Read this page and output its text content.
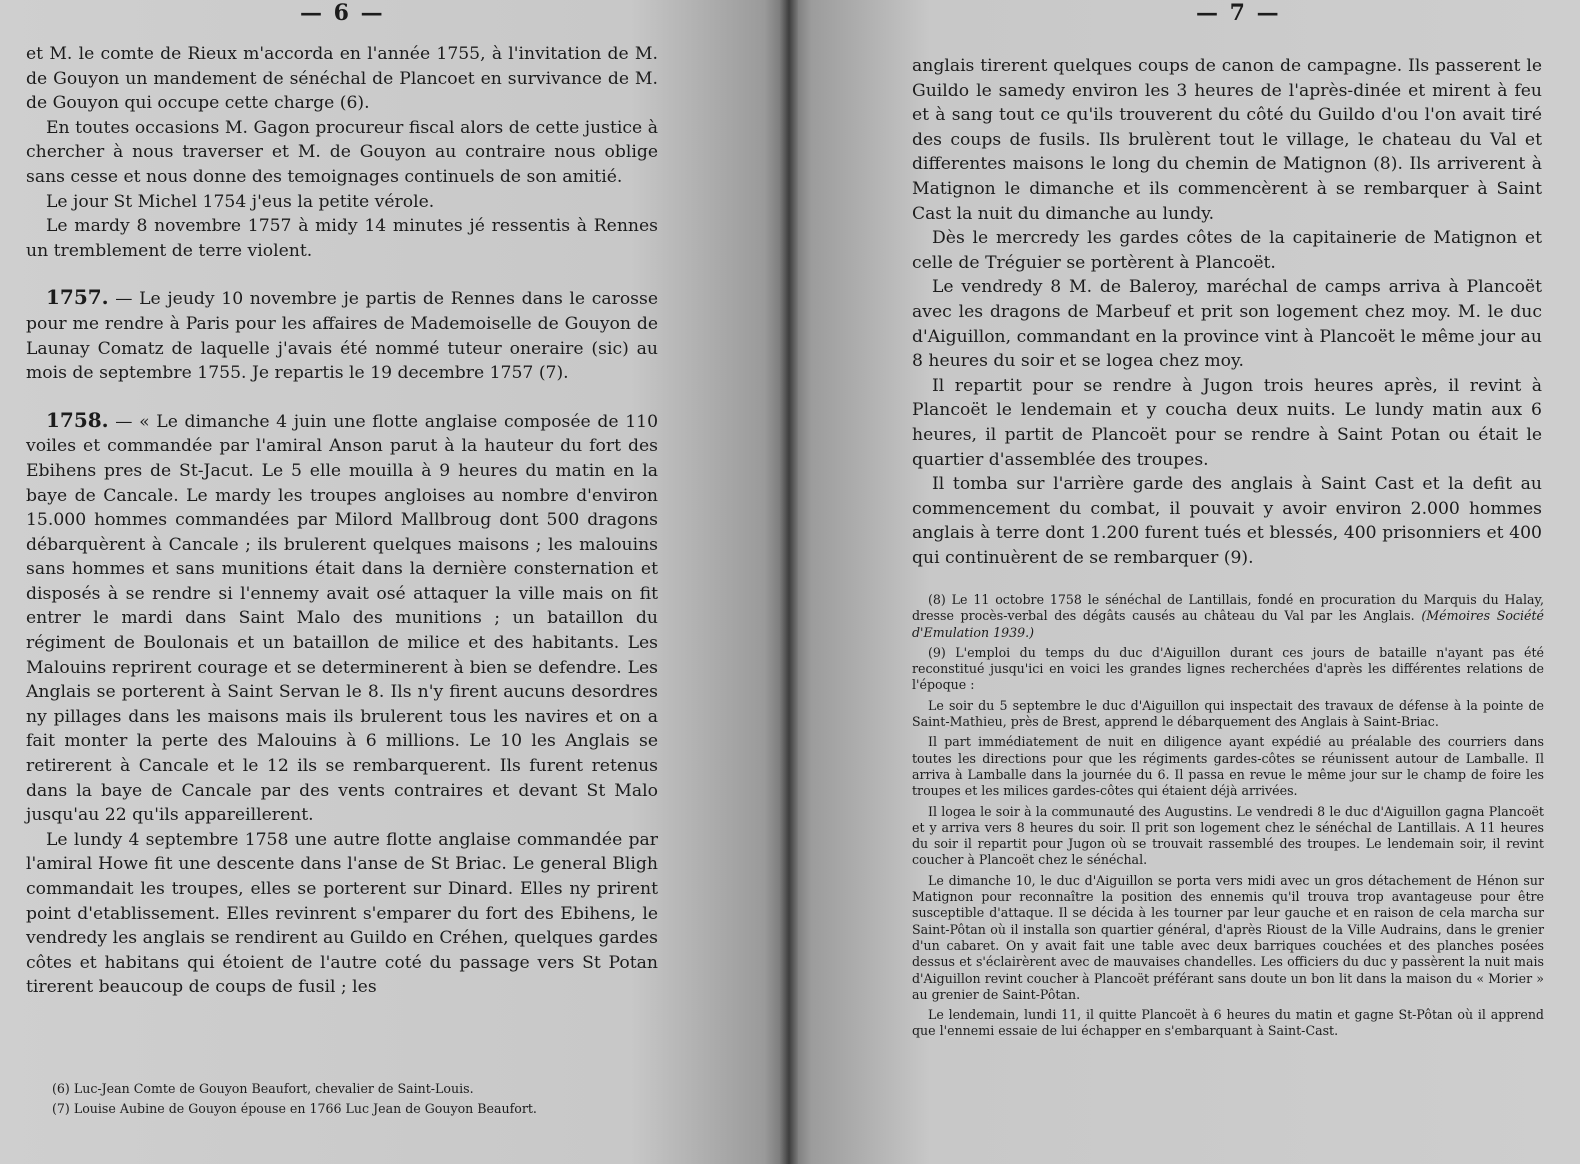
— 6 —

et M. le comte de Rieux m'accorda en l'année 1755, à l'invitation de M. de Gouyon un mandement de sénéchal de Plancoet en survivance de M. de Gouyon qui occupe cette charge (6).

En toutes occasions M. Gagon procureur fiscal alors de cette justice à chercher à nous traverser et M. de Gouyon au contraire nous oblige sans cesse et nous donne des temoignages continuels de son amitié.

Le jour St Michel 1754 j'eus la petite vérole.

Le mardy 8 novembre 1757 à midy 14 minutes jé ressentis à Rennes un tremblement de terre violent.

1757. — Le jeudy 10 novembre je partis de Rennes dans le carosse pour me rendre à Paris pour les affaires de Mademoiselle de Gouyon de Launay Comatz de laquelle j'avais été nommé tuteur oneraire (sic) au mois de septembre 1755. Je repartis le 19 decembre 1757 (7).

1758. — « Le dimanche 4 juin une flotte anglaise composée de 110 voiles et commandée par l'amiral Anson parut à la hauteur du fort des Ebihens pres de St-Jacut. Le 5 elle mouilla à 9 heures du matin en la baye de Cancale. Le mardy les troupes angloises au nombre d'environ 15.000 hommes commandées par Milord Mallbroug dont 500 dragons débarquèrent à Cancale ; ils brulerent quelques maisons ; les malouins sans hommes et sans munitions était dans la dernière consternation et disposés à se rendre si l'ennemy avait osé attaquer la ville mais on fit entrer le mardi dans Saint Malo des munitions ; un bataillon du régiment de Boulonais et un bataillon de milice et des habitants. Les Malouins reprirent courage et se determinerent à bien se defendre. Les Anglais se porterent à Saint Servan le 8. Ils n'y firent aucuns desordres ny pillages dans les maisons mais ils brulerent tous les navires et on a fait monter la perte des Malouins à 6 millions. Le 10 les Anglais se retirerent à Cancale et le 12 ils se rembarquerent. Ils furent retenus dans la baye de Cancale par des vents contraires et devant St Malo jusqu'au 22 qu'ils appareillerent.

Le lundy 4 septembre 1758 une autre flotte anglaise commandée par l'amiral Howe fit une descente dans l'anse de St Briac. Le general Bligh commandait les troupes, elles se porterent sur Dinard. Elles ny prirent point d'etablissement. Elles revinrent s'emparer du fort des Ebihens, le vendredy les anglais se rendirent au Guildo en Créhen, quelques gardes côtes et habitans qui étoient de l'autre coté du passage vers St Potan tirerent beaucoup de coups de fusil ; les

(6) Luc-Jean Comte de Gouyon Beaufort, chevalier de Saint-Louis.

(7) Louise Aubine de Gouyon épouse en 1766 Luc Jean de Gouyon Beaufort.

— 7 —

anglais tirerent quelques coups de canon de campagne. Ils passerent le Guildo le samedy environ les 3 heures de l'après-dinée et mirent à feu et à sang tout ce qu'ils trouverent du côté du Guildo d'ou l'on avait tiré des coups de fusils. Ils brulèrent tout le village, le chateau du Val et differentes maisons le long du chemin de Matignon (8). Ils arriverent à Matignon le dimanche et ils commencèrent à se rembarquer à Saint Cast la nuit du dimanche au lundy.

Dès le mercredy les gardes côtes de la capitainerie de Matignon et celle de Tréguier se portèrent à Plancoët.

Le vendredy 8 M. de Baleroy, maréchal de camps arriva à Plancoët avec les dragons de Marbeuf et prit son logement chez moy. M. le duc d'Aiguillon, commandant en la province vint à Plancoët le même jour au 8 heures du soir et se logea chez moy.

Il repartit pour se rendre à Jugon trois heures après, il revint à Plancoët le lendemain et y coucha deux nuits. Le lundy matin aux 6 heures, il partit de Plancoët pour se rendre à Saint Potan ou était le quartier d'assemblée des troupes.

Il tomba sur l'arrière garde des anglais à Saint Cast et la defit au commencement du combat, il pouvait y avoir environ 2.000 hommes anglais à terre dont 1.200 furent tués et blessés, 400 prisonniers et 400 qui continuèrent de se rembarquer (9).

(8) Le 11 octobre 1758 le sénéchal de Lantillais, fondé en procuration du Marquis du Halay, dresse procès-verbal des dégâts causés au château du Val par les Anglais. (Mémoires Société d'Emulation 1939.)

(9) L'emploi du temps du duc d'Aiguillon durant ces jours de bataille n'ayant pas été reconstitué jusqu'ici en voici les grandes lignes recherchées d'après les différentes relations de l'époque :

Le soir du 5 septembre le duc d'Aiguillon qui inspectait des travaux de défense à la pointe de Saint-Mathieu, près de Brest, apprend le débarquement des Anglais à Saint-Briac.

Il part immédiatement de nuit en diligence ayant expédié au préalable des courriers dans toutes les directions pour que les régiments gardes-côtes se réunissent autour de Lamballe. Il arriva à Lamballe dans la journée du 6. Il passa en revue le même jour sur le champ de foire les troupes et les milices gardes-côtes qui étaient déjà arrivées.

Il logea le soir à la communauté des Augustins. Le vendredi 8 le duc d'Aiguillon gagna Plancoët et y arriva vers 8 heures du soir. Il prit son logement chez le sénéchal de Lantillais. A 11 heures du soir il repartit pour Jugon où se trouvait rassemblé des troupes. Le lendemain soir, il revint coucher à Plancoët chez le sénéchal.

Le dimanche 10, le duc d'Aiguillon se porta vers midi avec un gros détachement de Hénon sur Matignon pour reconnaître la position des ennemis qu'il trouva trop avantageuse pour être susceptible d'attaque. Il se décida à les tourner par leur gauche et en raison de cela marcha sur Saint-Pôtan où il installa son quartier général, d'après Rioust de la Ville Audrains, dans le grenier d'un cabaret. On y avait fait une table avec deux barriques couchées et des planches posées dessus et s'éclairèrent avec de mauvaises chandelles. Les officiers du duc y passèrent la nuit mais d'Aiguillon revint coucher à Plancoët préférant sans doute un bon lit dans la maison du « Morier » au grenier de Saint-Pôtan.

Le lendemain, lundi 11, il quitte Plancoët à 6 heures du matin et gagne St-Pôtan où il apprend que l'ennemi essaie de lui échapper en s'embarquant à Saint-Cast.
